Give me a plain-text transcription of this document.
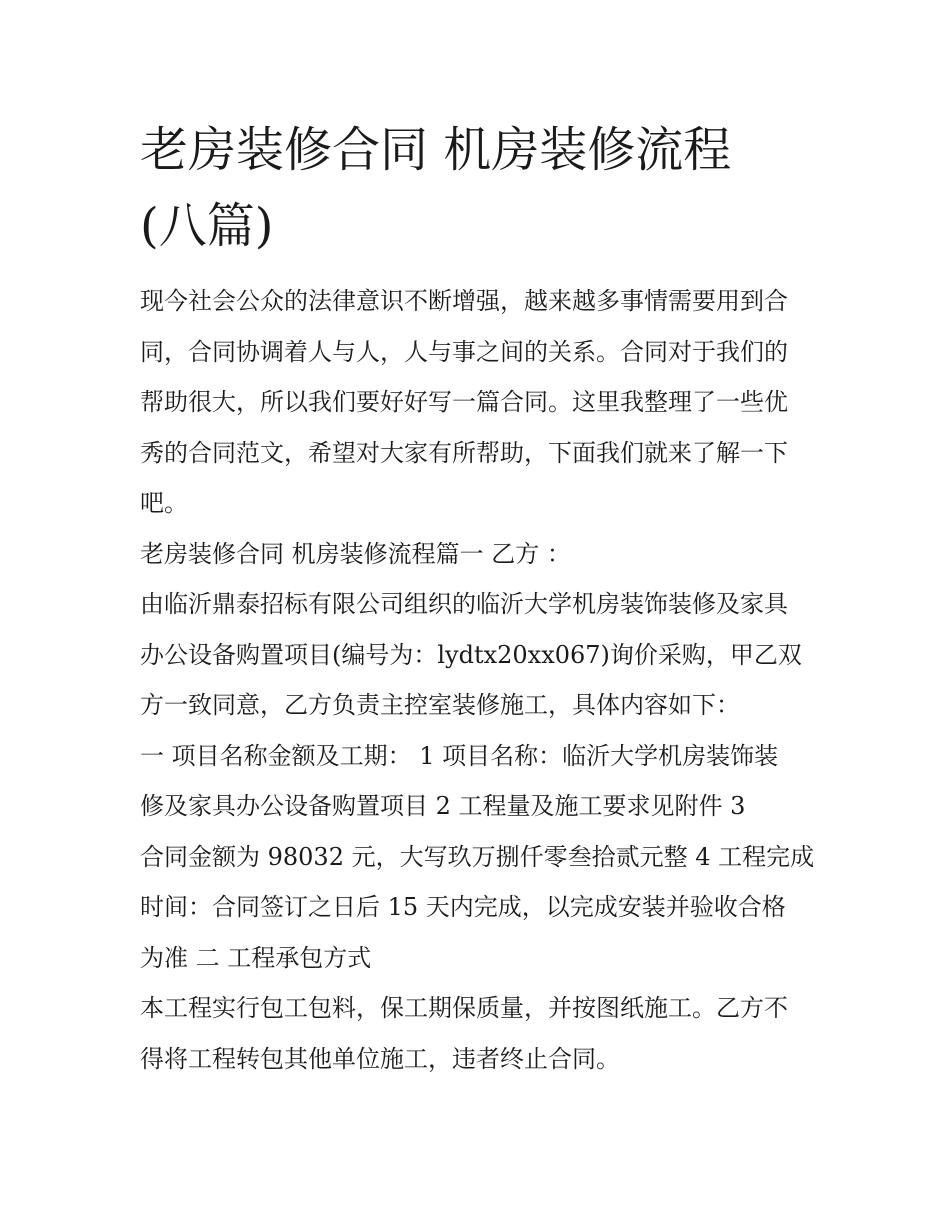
老房装修合同 机房装修流程
(八篇)

现今社会公众的法律意识不断增强，越来越多事情需要用到合
同，合同协调着人与人，人与事之间的关系。合同对于我们的
帮助很大，所以我们要好好写一篇合同。这里我整理了一些优
秀的合同范文，希望对大家有所帮助，下面我们就来了解一下
吧。

老房装修合同 机房装修流程篇一 乙方 ：

由临沂鼎泰招标有限公司组织的临沂大学机房装饰装修及家具
办公设备购置项目(编号为：lydtx20xx067)询价采购，甲乙双
方一致同意，乙方负责主控室装修施工，具体内容如下：

一 项目名称金额及工期： 1 项目名称：临沂大学机房装饰装
修及家具办公设备购置项目 2 工程量及施工要求见附件 3
合同金额为 98032 元，大写玖万捌仟零叁拾贰元整 4 工程完成
时间：合同签订之日后 15 天内完成，以完成安装并验收合格
为准 二 工程承包方式

本工程实行包工包料，保工期保质量，并按图纸施工。乙方不
得将工程转包其他单位施工，违者终止合同。
